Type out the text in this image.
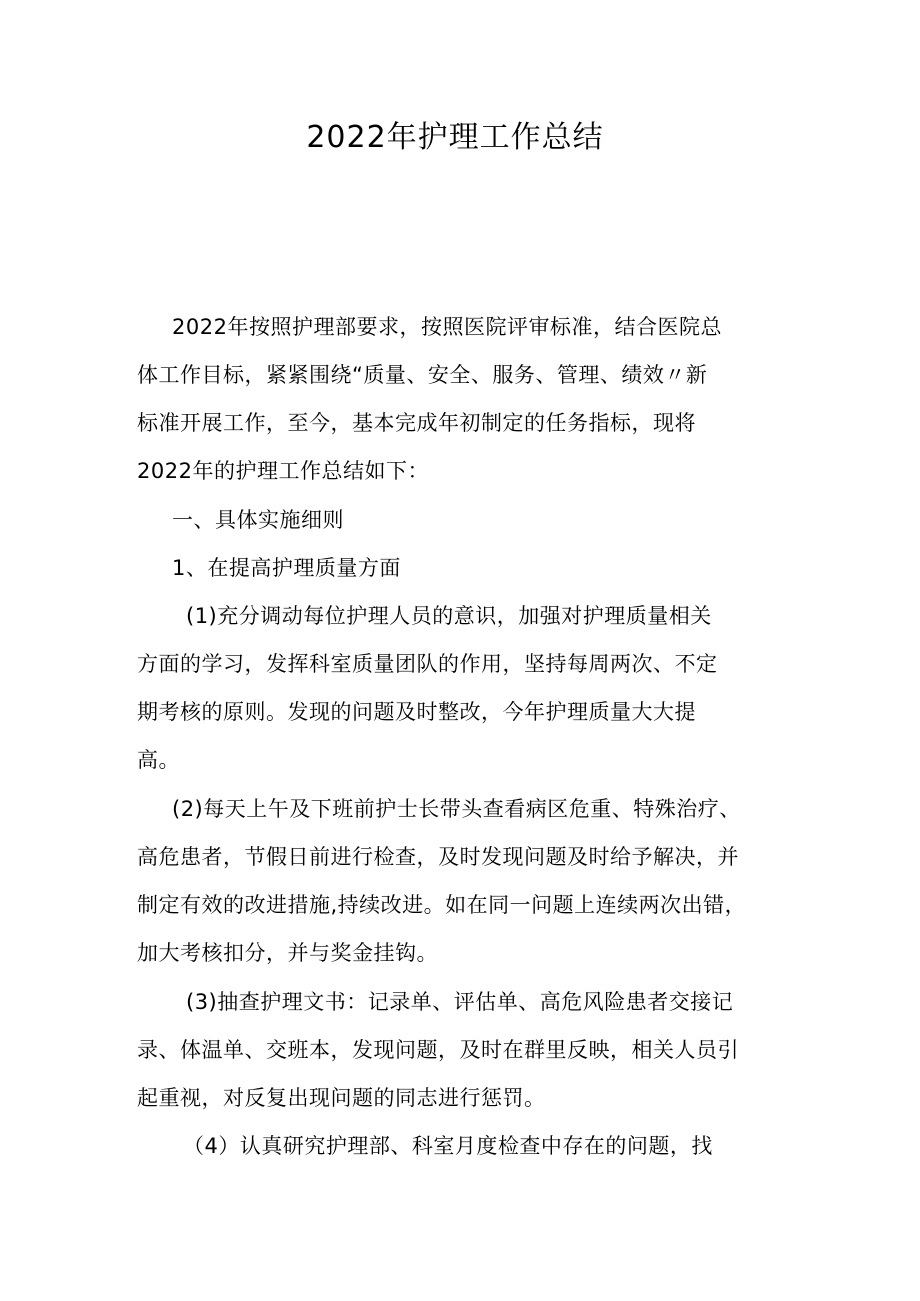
2022年护理工作总结
2022年按照护理部要求，按照医院评审标准，结合医院总
体工作目标，紧紧围绕“质量、安全、服务、管理、绩效〃新
标准开展工作，至今，基本完成年初制定的任务指标，现将
2022年的护理工作总结如下：
一、具体实施细则
1、在提高护理质量方面
(1)充分调动每位护理人员的意识，加强对护理质量相关
方面的学习，发挥科室质量团队的作用，坚持每周两次、不定
期考核的原则。发现的问题及时整改，今年护理质量大大提
高。
(2)每天上午及下班前护士长带头查看病区危重、特殊治疗、
高危患者，节假日前进行检查，及时发现问题及时给予解决，并
制定有效的改进措施,持续改进。如在同一问题上连续两次出错，
加大考核扣分，并与奖金挂钩。
(3)抽查护理文书：记录单、评估单、高危风险患者交接记
录、体温单、交班本，发现问题，及时在群里反映，相关人员引
起重视，对反复出现问题的同志进行惩罚。
（4）认真研究护理部、科室月度检查中存在的问题，找
